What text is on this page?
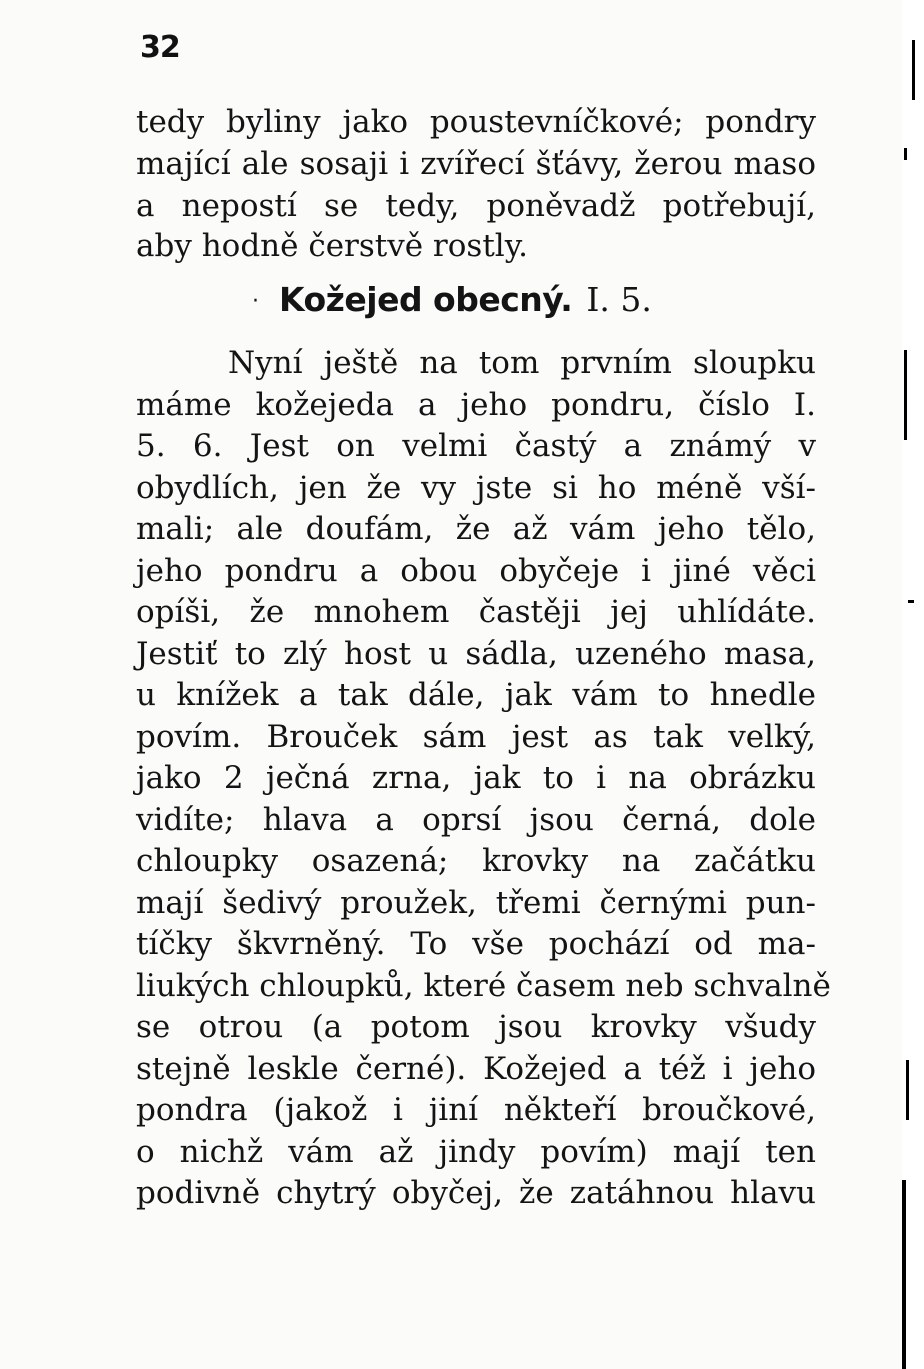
32
tedy byliny jako poustevníčkové; pondry
mající ale sosaji i zvířecí šťávy, žerou maso
a nepostí se tedy, poněvadž potřebují,
aby hodně čerstvě rostly.
· Kožejed obecný. I. 5.
Nyní ještě na tom prvním sloupku
máme kožejeda a jeho pondru, číslo I.
5. 6. Jest on velmi častý a známý v
obydlích, jen že vy jste si ho méně vší-
mali; ale doufám, že až vám jeho tělo,
jeho pondru a obou obyčeje i jiné věci
opíši, že mnohem častěji jej uhlídáte.
Jestiť to zlý host u sádla, uzeného masa,
u knížek a tak dále, jak vám to hnedle
povím. Brouček sám jest as tak velký,
jako 2 ječná zrna, jak to i na obrázku
vidíte; hlava a oprsí jsou černá, dole
chloupky osazená; krovky na začátku
mají šedivý proužek, třemi černými pun-
tíčky škvrněný. To vše pochází od ma-
liukých chloupků, které časem neb schvalně
se otrou (a potom jsou krovky všudy
stejně leskle černé). Kožejed a též i jeho
pondra (jakož i jiní někteří broučkové,
o nichž vám až jindy povím) mají ten
podivně chytrý obyčej, že zatáhnou hlavu
